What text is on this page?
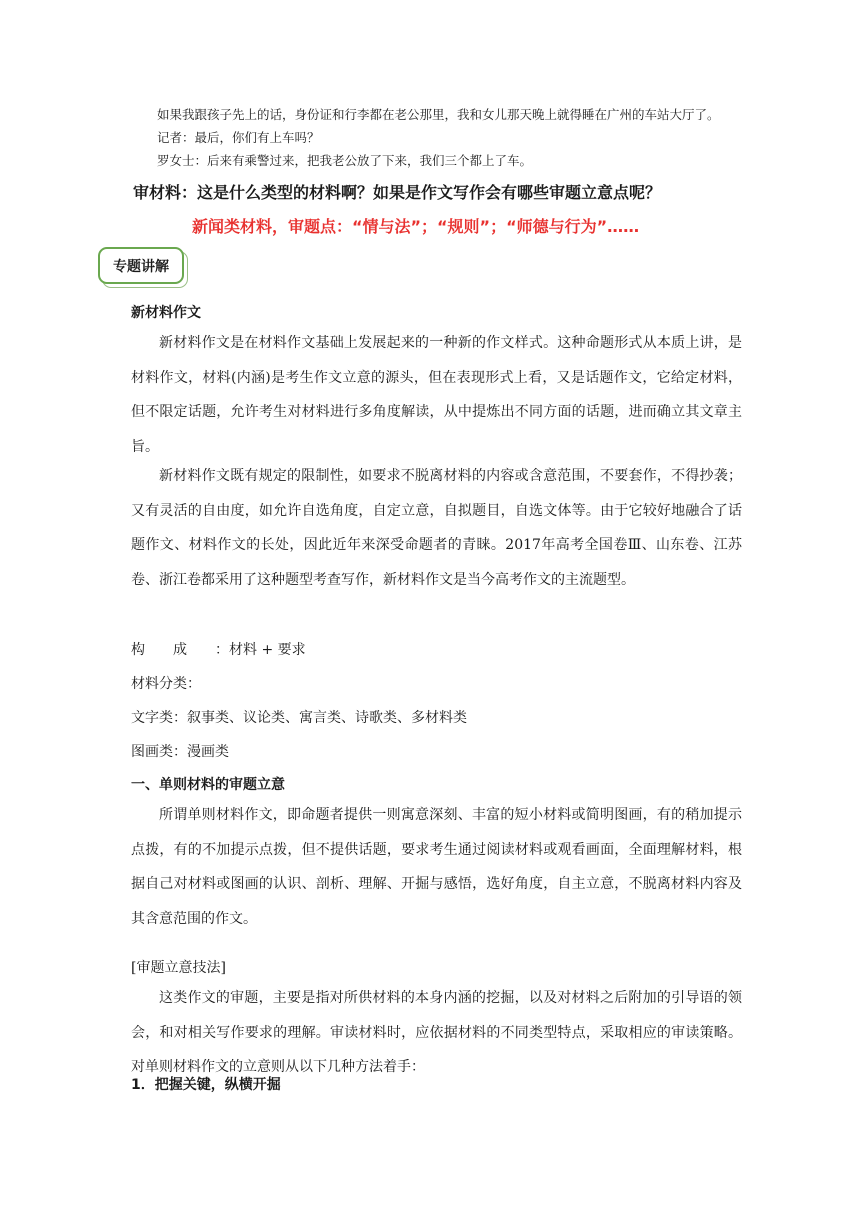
如果我跟孩子先上的话，身份证和行李都在老公那里，我和女儿那天晚上就得睡在广州的车站大厅了。
记者：最后，你们有上车吗？
罗女士：后来有乘警过来，把我老公放了下来，我们三个都上了车。
审材料：这是什么类型的材料啊？如果是作文写作会有哪些审题立意点呢？
新闻类材料，审题点：“情与法”；“规则”；“师德与行为”……
专题讲解
新材料作文
新材料作文是在材料作文基础上发展起来的一种新的作文样式。这种命题形式从本质上讲，是材料作文，材料(内涵)是考生作文立意的源头，但在表现形式上看，又是话题作文，它给定材料，但不限定话题，允许考生对材料进行多角度解读，从中提炼出不同方面的话题，进而确立其文章主旨。
新材料作文既有规定的限制性，如要求不脱离材料的内容或含意范围，不要套作，不得抄袭；又有灵活的自由度，如允许自选角度，自定立意，自拟题目，自选文体等。由于它较好地融合了话题作文、材料作文的长处，因此近年来深受命题者的青睐。2017年高考全国卷Ⅲ、山东卷、江苏卷、浙江卷都采用了这种题型考查写作，新材料作文是当今高考作文的主流题型。
构成：材料 + 要求
材料分类：
文字类：叙事类、议论类、寓言类、诗歌类、多材料类
图画类：漫画类
一、单则材料的审题立意
所谓单则材料作文，即命题者提供一则寓意深刻、丰富的短小材料或简明图画，有的稍加提示点拨，有的不加提示点拨，但不提供话题，要求考生通过阅读材料或观看画面，全面理解材料，根据自己对材料或图画的认识、剖析、理解、开掘与感悟，选好角度，自主立意，不脱离材料内容及其含意范围的作文。
[审题立意技法]
这类作文的审题，主要是指对所供材料的本身内涵的挖掘，以及对材料之后附加的引导语的领会，和对相关写作要求的理解。审读材料时，应依据材料的不同类型特点，采取相应的审读策略。对单则材料作文的立意则从以下几种方法着手：
1．把握关键，纵横开掘
